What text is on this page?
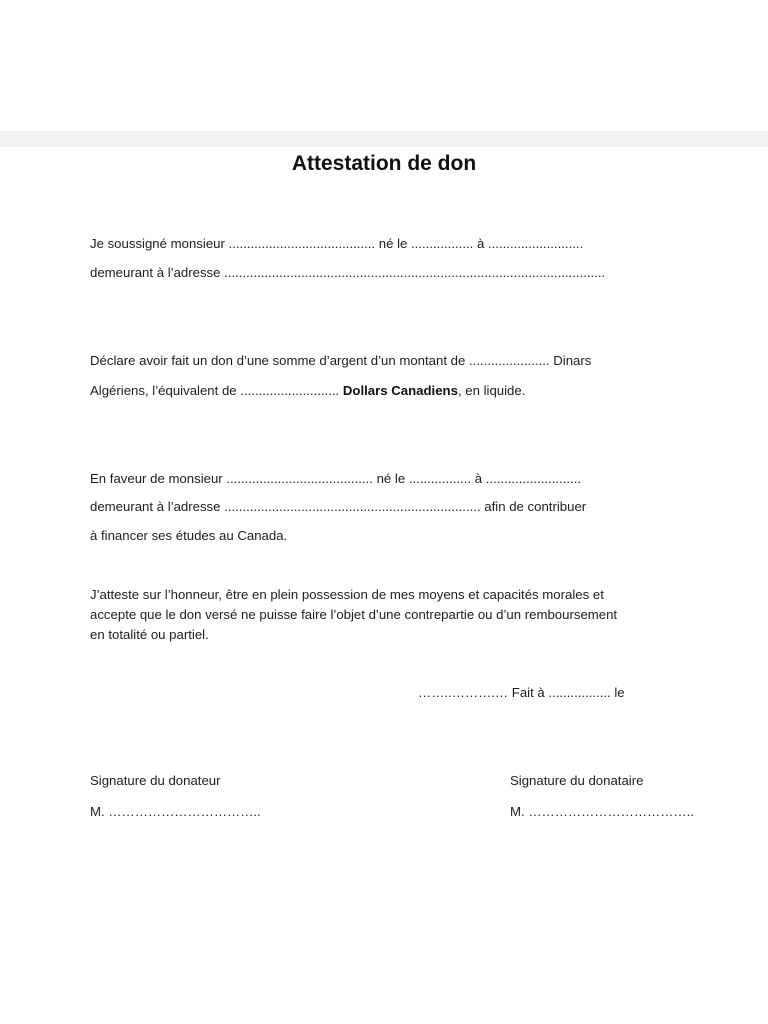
Attestation de don
Je soussigné monsieur ........................................ né le ................. à ..........................
demeurant à l’adresse ........................................................................................................
Déclare avoir fait un don d’une somme d’argent d’un montant de ...................... Dinars
Algériens, l’équivalent de ........................... Dollars Canadiens, en liquide.
En faveur de monsieur ........................................ né le ................. à ..........................
demeurant à l’adresse ...................................................................... afin de contribuer
à financer ses études au Canada.
J’atteste sur l’honneur, être en plein possession de mes moyens et capacités morales et
accepte que le don versé ne puisse faire l’objet d’une contrepartie ou d’un remboursement
en totalité ou partiel.
……..……….… Fait à ................. le
Signature du donateur
M. ……………………………..
Signature du donataire
M. ………………………………..
